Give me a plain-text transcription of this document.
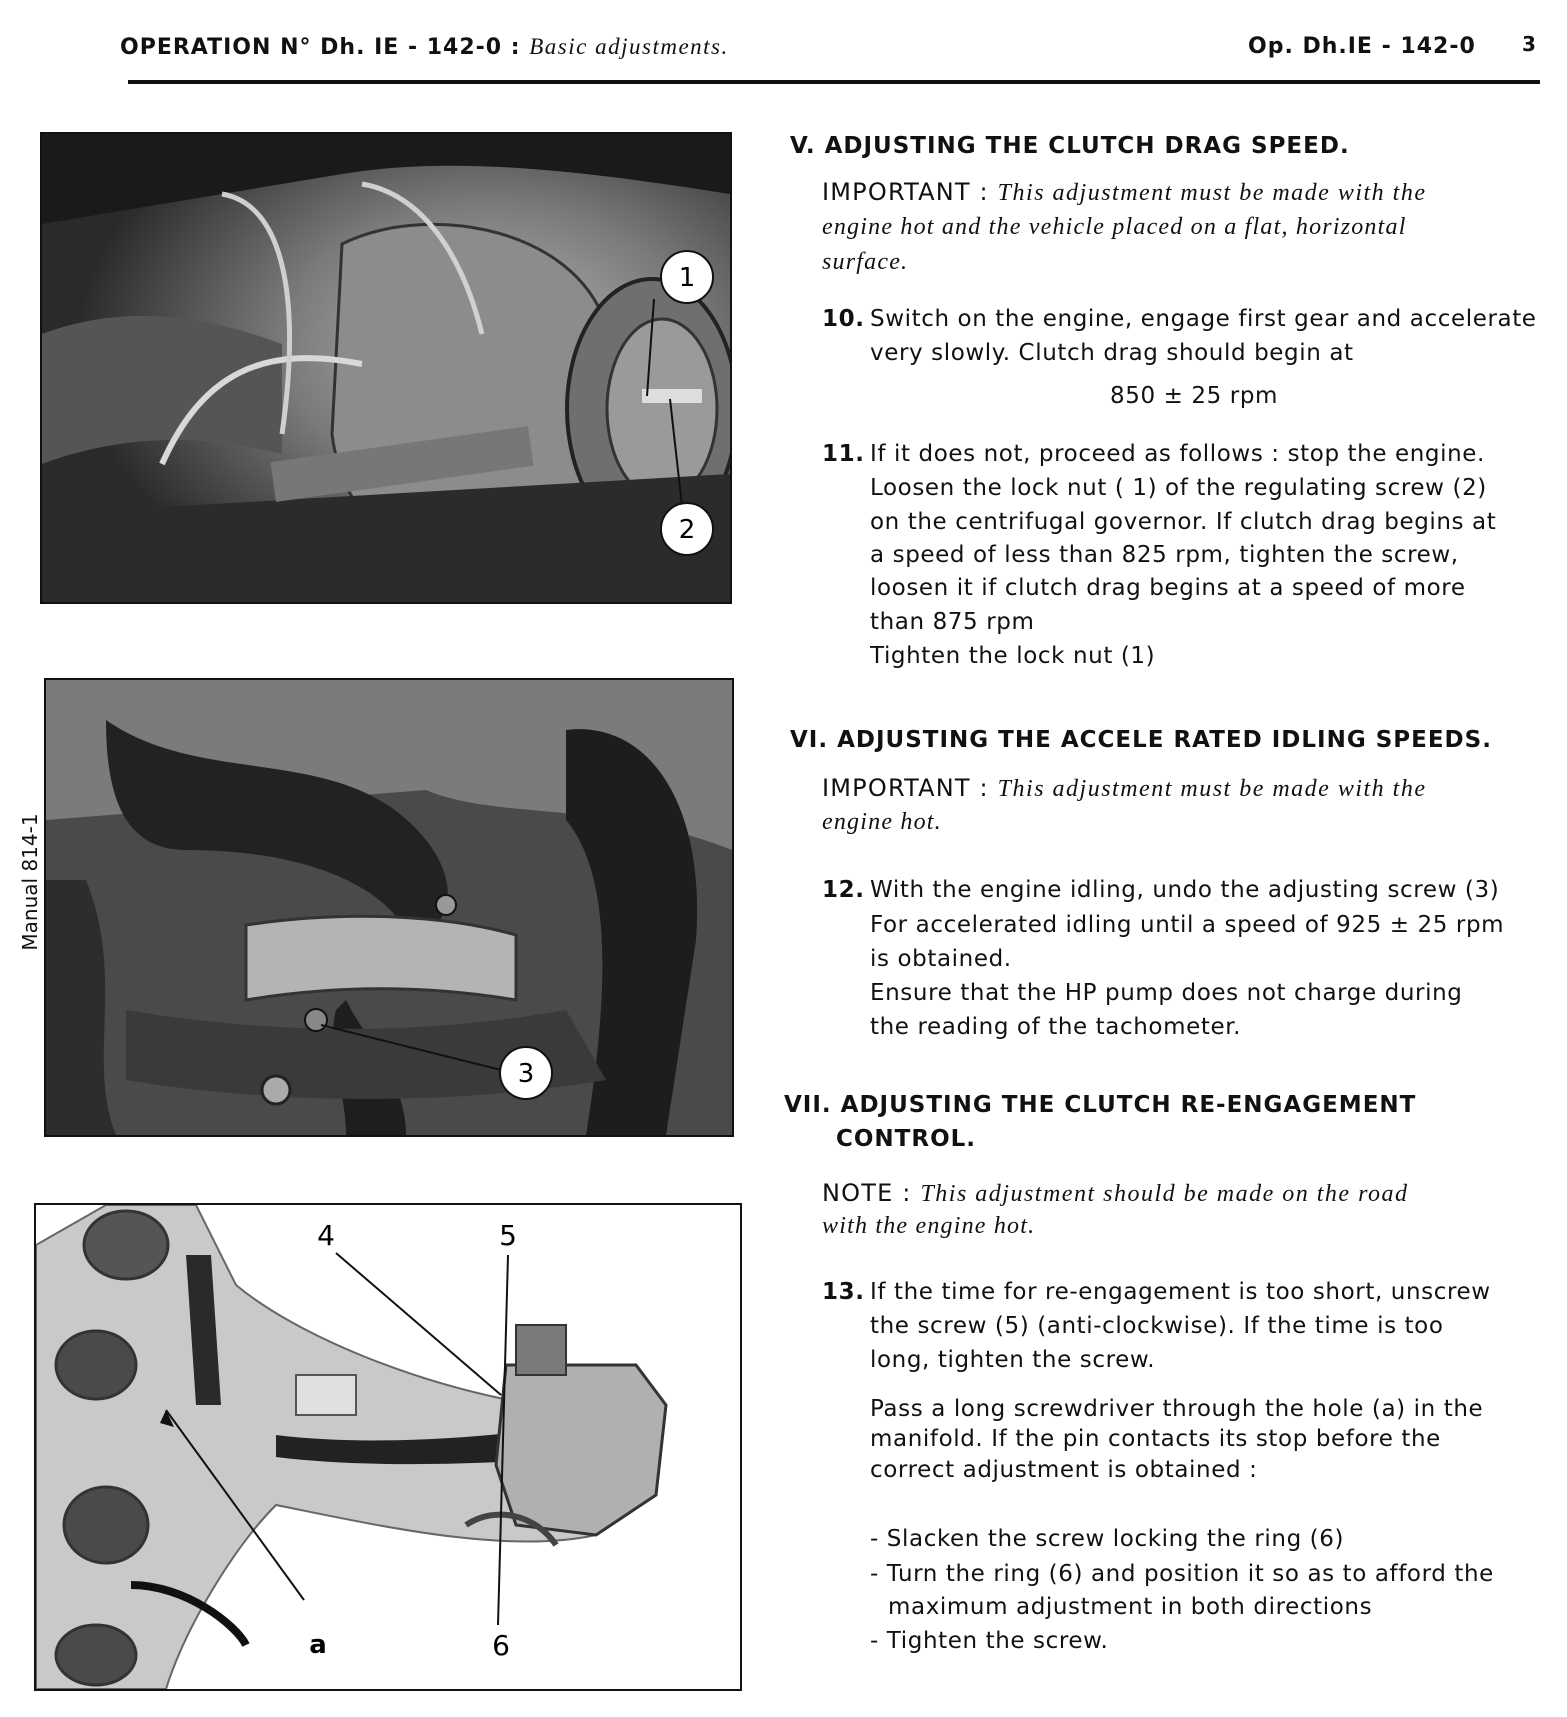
OPERATION N° Dh. IE - 142-0 : Basic adjustments.	Op. Dh.IE - 142-0 3
Manual 814-1
1
2
3
4	5
a	6
V. ADJUSTING THE CLUTCH DRAG SPEED.
IMPORTANT : This adjustment must be made with the
engine hot and the vehicle placed on a flat, horizontal
surface.
10. Switch on the engine, engage first gear and accelerate
very slowly. Clutch drag should begin at
850 ± 25 rpm
11. If it does not, proceed as follows : stop the engine.
Loosen the lock nut ( 1) of the regulating screw (2)
on the centrifugal governor. If clutch drag begins at
a speed of less than 825 rpm, tighten the screw,
loosen it if clutch drag begins at a speed of more
than 875 rpm
Tighten the lock nut (1)
VI. ADJUSTING THE ACCELE RATED IDLING SPEEDS.
IMPORTANT : This adjustment must be made with the
engine hot.
12. With the engine idling, undo the adjusting screw (3)
For accelerated idling until a speed of 925 ± 25 rpm
is obtained.
Ensure that the HP pump does not charge during
the reading of the tachometer.
VII. ADJUSTING THE CLUTCH RE-ENGAGEMENT
CONTROL.
NOTE : This adjustment should be made on the road
with the engine hot.
13. If the time for re-engagement is too short, unscrew
the screw (5) (anti-clockwise). If the time is too
long, tighten the screw.
Pass a long screwdriver through the hole (a) in the
manifold. If the pin contacts its stop before the
correct adjustment is obtained :
- Slacken the screw locking the ring (6)
- Turn the ring (6) and position it so as to afford the
maximum adjustment in both directions
- Tighten the screw.
